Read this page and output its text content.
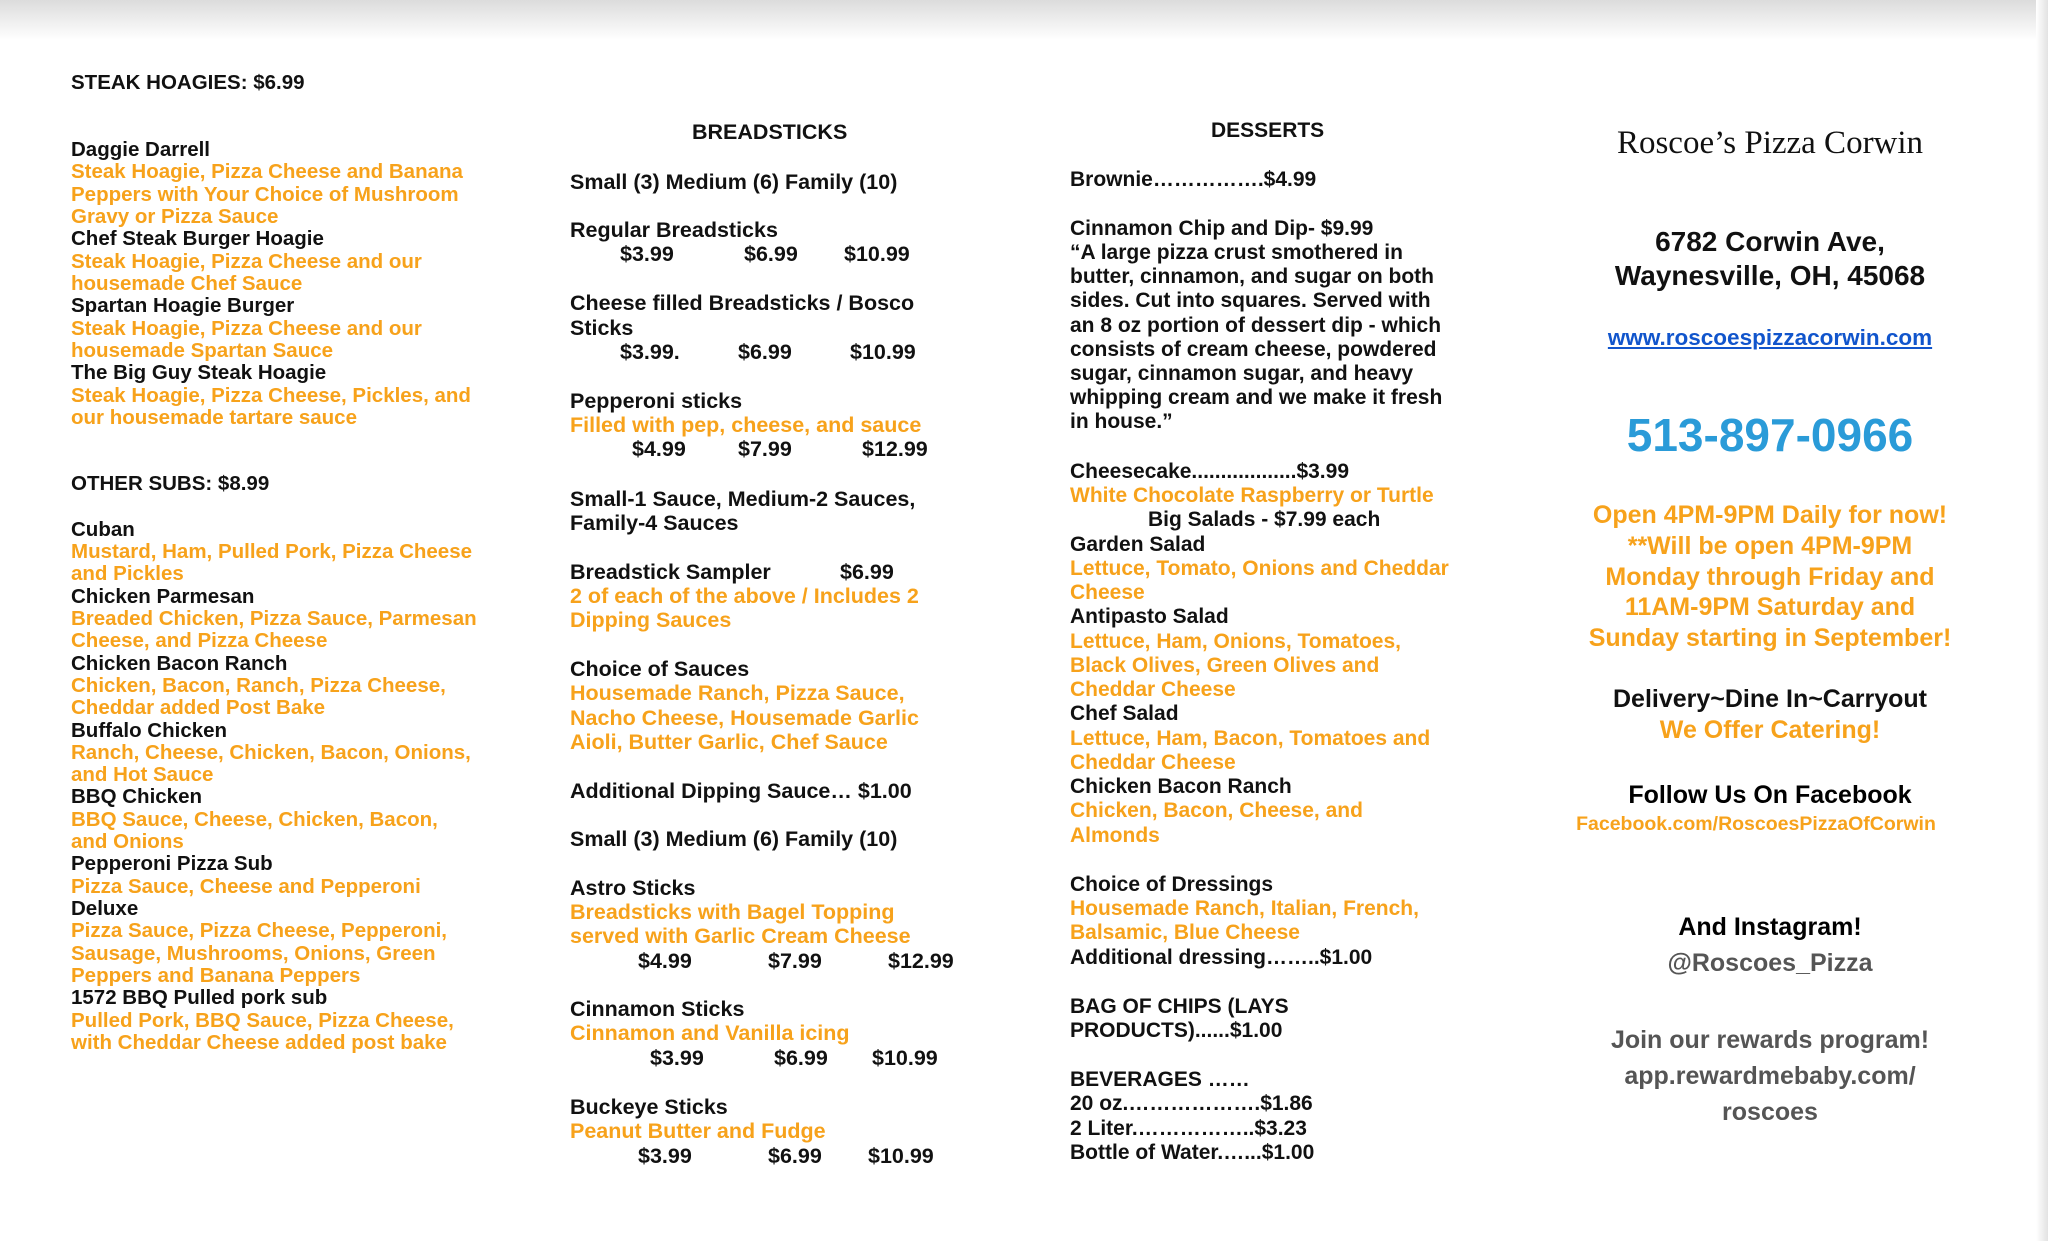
STEAK HOAGIES: $6.99
Daggie Darrell
Steak Hoagie, Pizza Cheese and Banana
Peppers with Your Choice of Mushroom
Gravy or Pizza Sauce
Chef Steak Burger Hoagie
Steak Hoagie, Pizza Cheese and our
housemade Chef Sauce
Spartan Hoagie Burger
Steak Hoagie, Pizza Cheese and our
housemade Spartan Sauce
The Big Guy Steak Hoagie
Steak Hoagie, Pizza Cheese, Pickles, and
our housemade tartare sauce
OTHER SUBS: $8.99
Cuban
Mustard, Ham, Pulled Pork, Pizza Cheese
and Pickles
Chicken Parmesan
Breaded Chicken, Pizza Sauce, Parmesan
Cheese, and Pizza Cheese
Chicken Bacon Ranch
Chicken, Bacon, Ranch, Pizza Cheese,
Cheddar added Post Bake
Buffalo Chicken
Ranch, Cheese, Chicken, Bacon, Onions,
and Hot Sauce
BBQ Chicken
BBQ Sauce, Cheese, Chicken, Bacon,
and Onions
Pepperoni Pizza Sub
Pizza Sauce, Cheese and Pepperoni
Deluxe
Pizza Sauce, Pizza Cheese, Pepperoni,
Sausage, Mushrooms, Onions, Green
Peppers and Banana Peppers
1572 BBQ Pulled pork sub
Pulled Pork, BBQ Sauce, Pizza Cheese,
with Cheddar Cheese added post bake
BREADSTICKS
Small (3) Medium (6) Family (10)
Regular Breadsticks
$3.99	$6.99 $10.99
Cheese filled Breadsticks / Bosco
Sticks
$3.99.	$6.99	$10.99
Pepperoni sticks
Filled with pep, cheese, and sauce
$4.99 $7.99	$12.99
Small-1 Sauce, Medium-2 Sauces,
Family-4 Sauces
Breadstick Sampler	$6.99
2 of each of the above / Includes 2
Dipping Sauces
Choice of Sauces
Housemade Ranch, Pizza Sauce,
Nacho Cheese, Housemade Garlic
Aioli, Butter Garlic, Chef Sauce
Additional Dipping Sauce… $1.00
Small (3) Medium (6) Family (10)
Astro Sticks
Breadsticks with Bagel Topping
served with Garlic Cream Cheese
$4.99	$7.99	$12.99
Cinnamon Sticks
Cinnamon and Vanilla icing
$3.99	$6.99 $10.99
Buckeye Sticks
Peanut Butter and Fudge
$3.99	$6.99 $10.99
DESSERTS
Brownie…………….$4.99
Cinnamon Chip and Dip- $9.99
“A large pizza crust smothered in
butter, cinnamon, and sugar on both
sides. Cut into squares. Served with
an 8 oz portion of dessert dip - which
consists of cream cheese, powdered
sugar, cinnamon sugar, and heavy
whipping cream and we make it fresh
in house.”
Cheesecake..................$3.99
White Chocolate Raspberry or Turtle
Big Salads - $7.99 each
Garden Salad
Lettuce, Tomato, Onions and Cheddar
Cheese
Antipasto Salad
Lettuce, Ham, Onions, Tomatoes,
Black Olives, Green Olives and
Cheddar Cheese
Chef Salad
Lettuce, Ham, Bacon, Tomatoes and
Cheddar Cheese
Chicken Bacon Ranch
Chicken, Bacon, Cheese, and
Almonds
Choice of Dressings
Housemade Ranch, Italian, French,
Balsamic, Blue Cheese
Additional dressing……..$1.00
BAG OF CHIPS (LAYS
PRODUCTS)......$1.00
BEVERAGES ……
20 oz.……………….$1.86
2 Liter.……………..$3.23
Bottle of Water.…...$1.00
Roscoe’s Pizza Corwin
6782 Corwin Ave,
Waynesville, OH, 45068
www.roscoespizzacorwin.com
513-897-0966
Open 4PM-9PM Daily for now!
**Will be open 4PM-9PM
Monday through Friday and
11AM-9PM Saturday and
Sunday starting in September!
Delivery~Dine In~Carryout
We Offer Catering!
Follow Us On Facebook
Facebook.com/RoscoesPizzaOfCorwin
And Instagram!
@Roscoes_Pizza
Join our rewards program!
app.rewardmebaby.com/
roscoes
